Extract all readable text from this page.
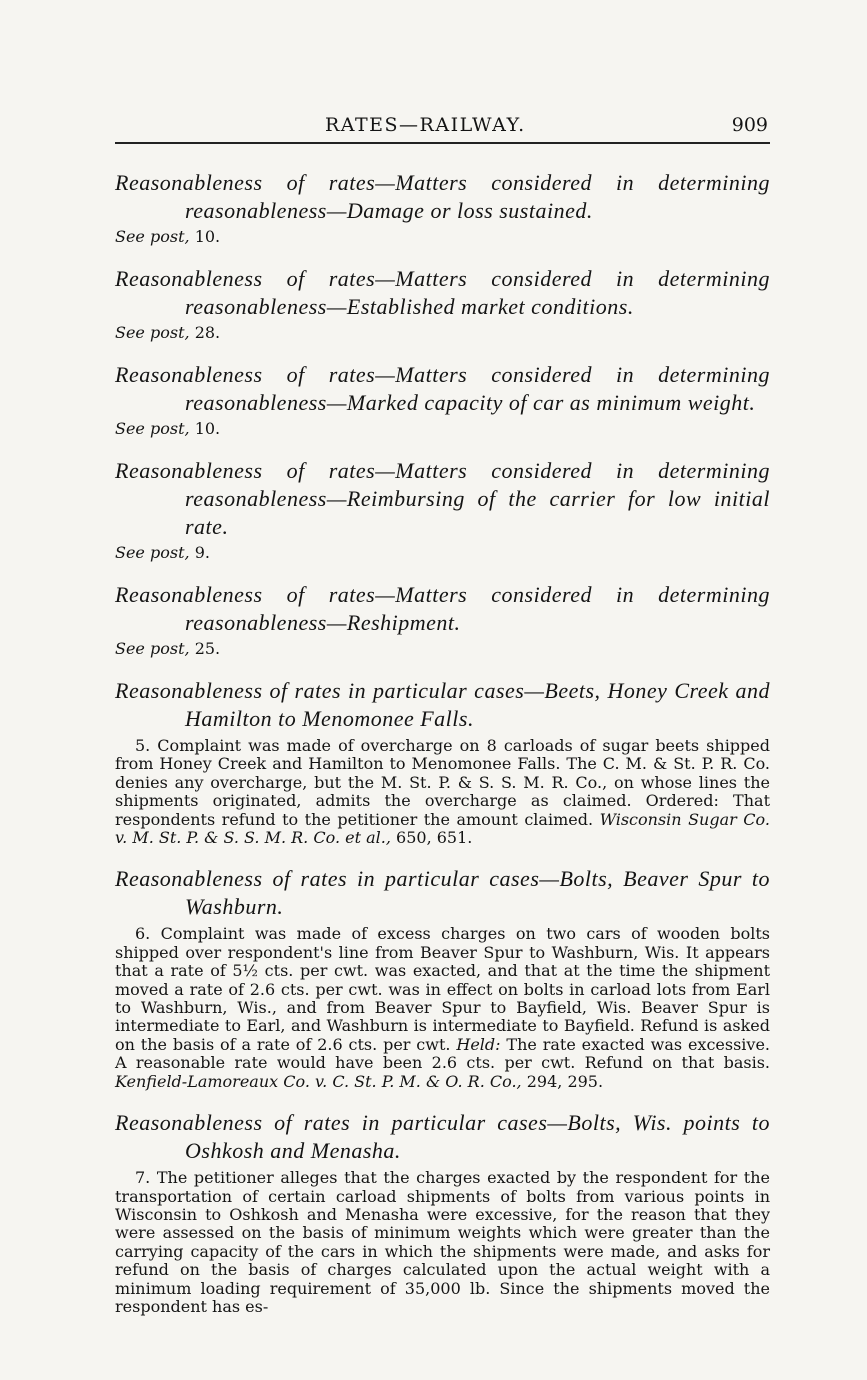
RATES—RAILWAY.	909
Reasonableness of rates—Matters considered in determining reasonableness—Damage or loss sustained.
See post, 10.
Reasonableness of rates—Matters considered in determining reasonableness—Established market conditions.
See post, 28.
Reasonableness of rates—Matters considered in determining reasonableness—Marked capacity of car as minimum weight.
See post, 10.
Reasonableness of rates—Matters considered in determining reasonableness—Reimbursing of the carrier for low initial rate.
See post, 9.
Reasonableness of rates—Matters considered in determining reasonableness—Reshipment.
See post, 25.
Reasonableness of rates in particular cases—Beets, Honey Creek and Hamilton to Menomonee Falls.
5. Complaint was made of overcharge on 8 carloads of sugar beets shipped from Honey Creek and Hamilton to Menomonee Falls. The C. M. & St. P. R. Co. denies any overcharge, but the M. St. P. & S. S. M. R. Co., on whose lines the shipments originated, admits the overcharge as claimed. Ordered: That respondents refund to the petitioner the amount claimed. Wisconsin Sugar Co. v. M. St. P. & S. S. M. R. Co. et al., 650, 651.
Reasonableness of rates in particular cases—Bolts, Beaver Spur to Washburn.
6. Complaint was made of excess charges on two cars of wooden bolts shipped over respondent's line from Beaver Spur to Washburn, Wis. It appears that a rate of 5½ cts. per cwt. was exacted, and that at the time the shipment moved a rate of 2.6 cts. per cwt. was in effect on bolts in carload lots from Earl to Washburn, Wis., and from Beaver Spur to Bayfield, Wis. Beaver Spur is intermediate to Earl, and Washburn is intermediate to Bayfield. Refund is asked on the basis of a rate of 2.6 cts. per cwt. Held: The rate exacted was excessive. A reasonable rate would have been 2.6 cts. per cwt. Refund on that basis. Kenfield-Lamoreaux Co. v. C. St. P. M. & O. R. Co., 294, 295.
Reasonableness of rates in particular cases—Bolts, Wis. points to Oshkosh and Menasha.
7. The petitioner alleges that the charges exacted by the respondent for the transportation of certain carload shipments of bolts from various points in Wisconsin to Oshkosh and Menasha were excessive, for the reason that they were assessed on the basis of minimum weights which were greater than the carrying capacity of the cars in which the shipments were made, and asks for refund on the basis of charges calculated upon the actual weight with a minimum loading requirement of 35,000 lb. Since the shipments moved the respondent has es-
